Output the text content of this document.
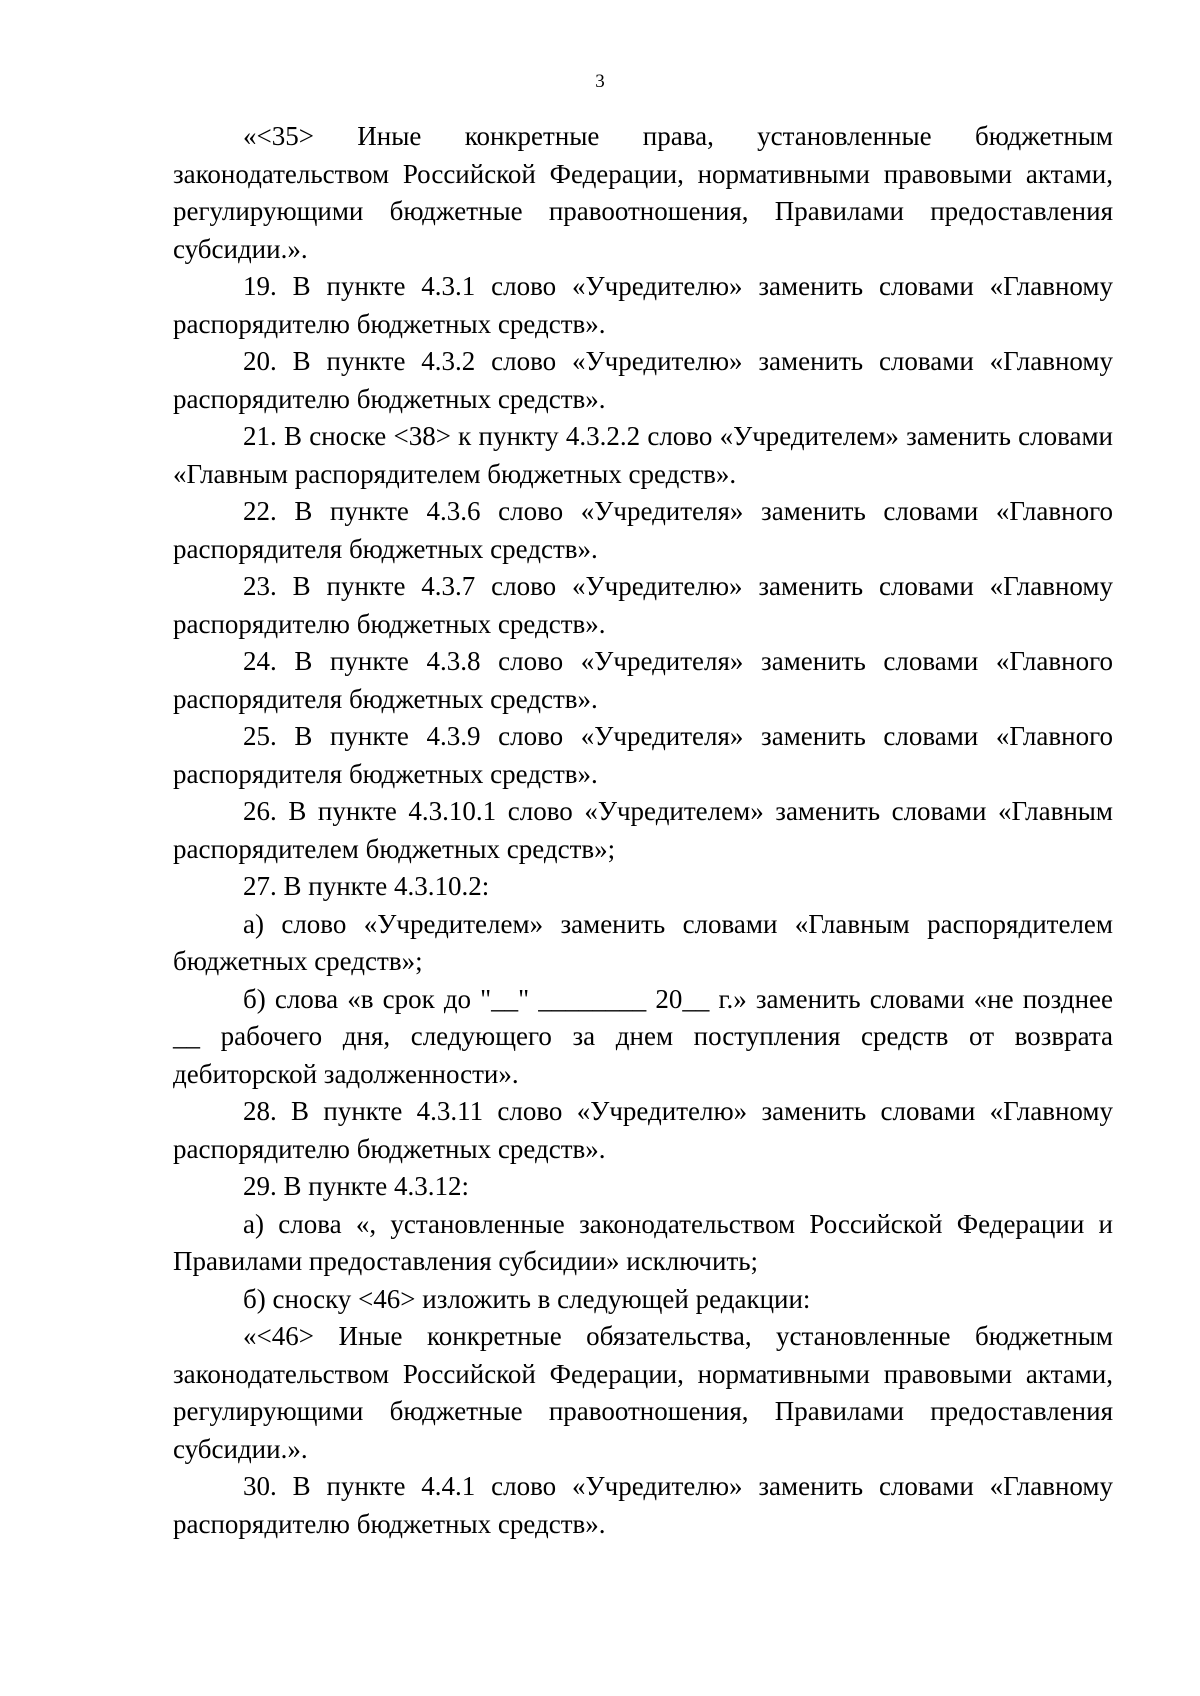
3

«<35> Иные конкретные права, установленные бюджетным законодательством Российской Федерации, нормативными правовыми актами, регулирующими бюджетные правоотношения, Правилами предоставления субсидии.».

19. В пункте 4.3.1 слово «Учредителю» заменить словами «Главному распорядителю бюджетных средств».

20. В пункте 4.3.2 слово «Учредителю» заменить словами «Главному распорядителю бюджетных средств».

21. В сноске <38> к пункту 4.3.2.2 слово «Учредителем» заменить словами «Главным распорядителем бюджетных средств».

22. В пункте 4.3.6 слово «Учредителя» заменить словами «Главного распорядителя бюджетных средств».

23. В пункте 4.3.7 слово «Учредителю» заменить словами «Главному распорядителю бюджетных средств».

24. В пункте 4.3.8 слово «Учредителя» заменить словами «Главного распорядителя бюджетных средств».

25. В пункте 4.3.9 слово «Учредителя» заменить словами «Главного распорядителя бюджетных средств».

26. В пункте 4.3.10.1 слово «Учредителем» заменить словами «Главным распорядителем бюджетных средств»;

27. В пункте 4.3.10.2:

а) слово «Учредителем» заменить словами «Главным распорядителем бюджетных средств»;

б) слова «в срок до "__" ________ 20__ г.» заменить словами «не позднее __ рабочего дня, следующего за днем поступления средств от возврата дебиторской задолженности».

28. В пункте 4.3.11 слово «Учредителю» заменить словами «Главному распорядителю бюджетных средств».

29. В пункте 4.3.12:

а) слова «, установленные законодательством Российской Федерации и Правилами предоставления субсидии» исключить;

б) сноску <46> изложить в следующей редакции:

«<46> Иные конкретные обязательства, установленные бюджетным законодательством Российской Федерации, нормативными правовыми актами, регулирующими бюджетные правоотношения, Правилами предоставления субсидии.».

30. В пункте 4.4.1 слово «Учредителю» заменить словами «Главному распорядителю бюджетных средств».
